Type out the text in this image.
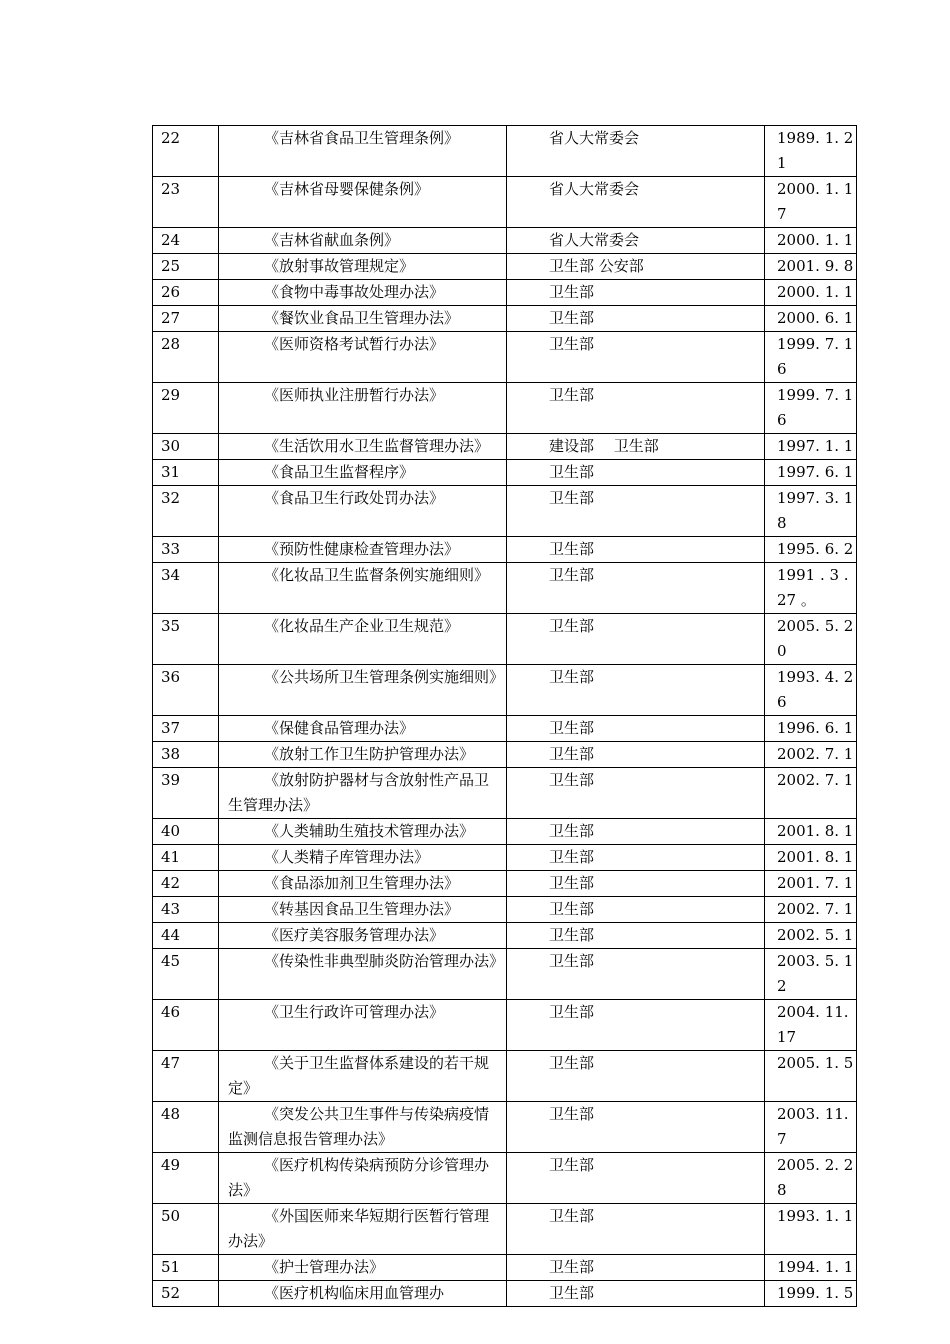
22	《吉林省食品卫生管理条例》	省人大常委会	1989. 1. 21

23	《吉林省母婴保健条例》	省人大常委会	2000. 1. 17

24	《吉林省献血条例》	省人大常委会	2000. 1. 1

25	《放射事故管理规定》	卫生部 公安部	2001. 9. 8

26	《食物中毒事故处理办法》	卫生部	2000. 1. 1

27	《餐饮业食品卫生管理办法》	卫生部	2000. 6. 1

28	《医师资格考试暂行办法》	卫生部	1999. 7. 16

29	《医师执业注册暂行办法》	卫生部	1999. 7. 16

30	《生活饮用水卫生监督管理办法》	建设部　 卫生部	1997. 1. 1

31	《食品卫生监督程序》	卫生部	1997. 6. 1

32	《食品卫生行政处罚办法》	卫生部	1997. 3. 18

33	《预防性健康检查管理办法》	卫生部	1995. 6. 2

34	《化妆品卫生监督条例实施细则》	卫生部	1991 . 3 . 27 。

35	《化妆品生产企业卫生规范》	卫生部	2005. 5. 20

36	《公共场所卫生管理条例实施细则》	卫生部	1993. 4. 26

37	《保健食品管理办法》	卫生部	1996. 6. 1

38	《放射工作卫生防护管理办法》	卫生部	2002. 7. 1

39	《放射防护器材与含放射性产品卫生管理办法》	卫生部	2002. 7. 1

40	《人类辅助生殖技术管理办法》	卫生部	2001. 8. 1

41	《人类精子库管理办法》	卫生部	2001. 8. 1

42	《食品添加剂卫生管理办法》	卫生部	2001. 7. 1

43	《转基因食品卫生管理办法》	卫生部	2002. 7. 1

44	《医疗美容服务管理办法》	卫生部	2002. 5. 1

45	《传染性非典型肺炎防治管理办法》	卫生部	2003. 5. 12

46	《卫生行政许可管理办法》	卫生部	2004. 11. 17

47	《关于卫生监督体系建设的若干规定》	卫生部	2005. 1. 5

48	《突发公共卫生事件与传染病疫情监测信息报告管理办法》	卫生部	2003. 11. 7

49	《医疗机构传染病预防分诊管理办法》	卫生部	2005. 2. 28

50	《外国医师来华短期行医暂行管理办法》	卫生部	1993. 1. 1

51	《护士管理办法》	卫生部	1994. 1. 1

52	《医疗机构临床用血管理办	卫生部	1999. 1. 5
